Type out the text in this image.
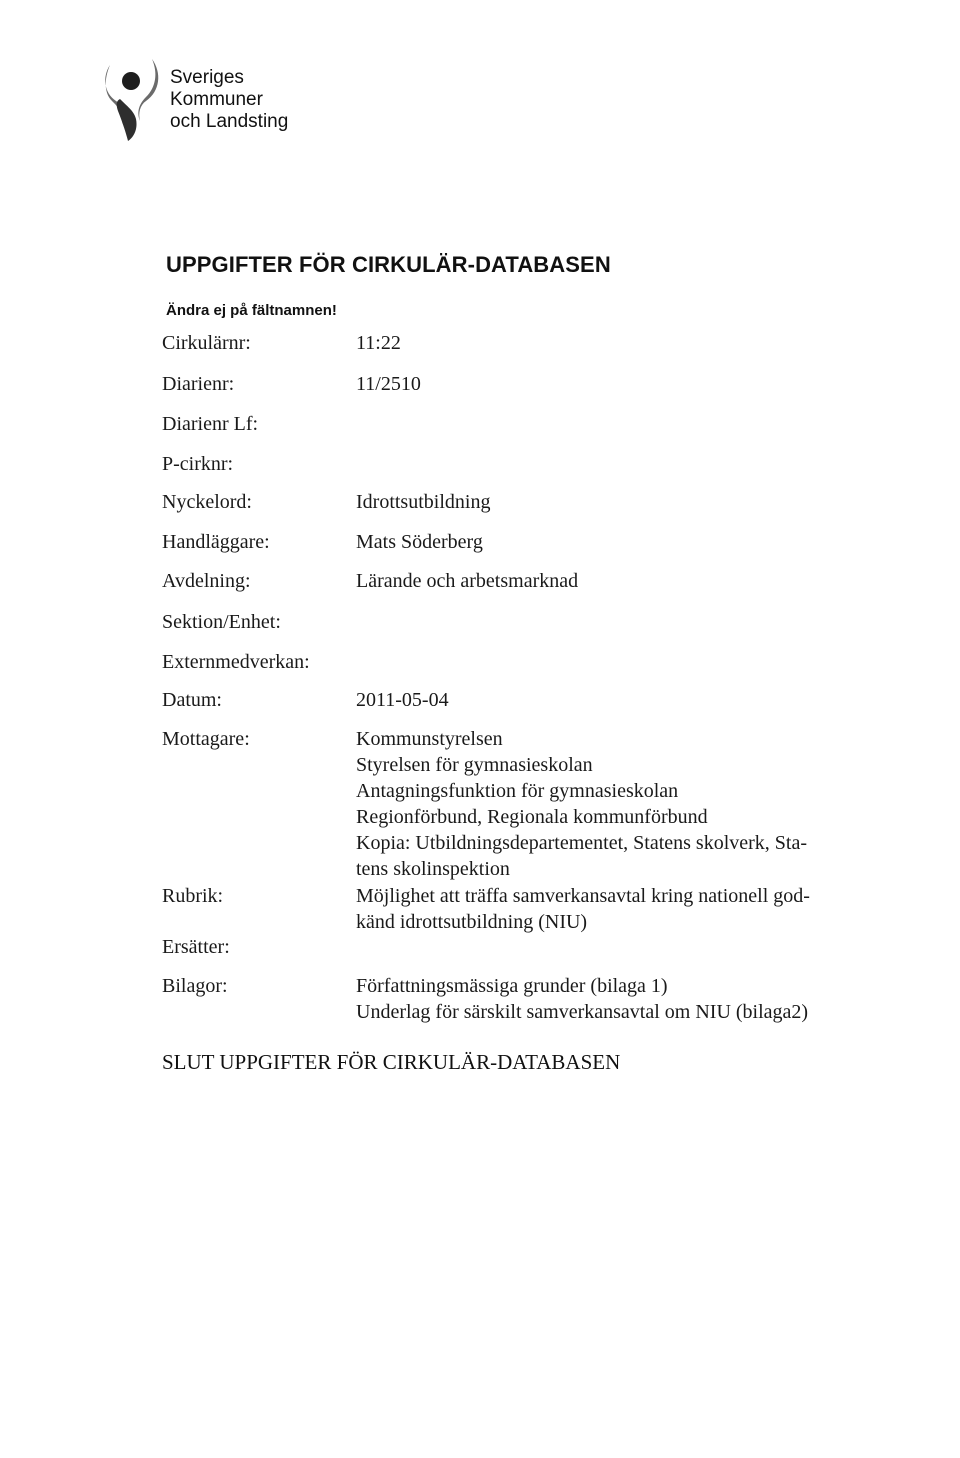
Sveriges
Kommuner
och Landsting
UPPGIFTER FÖR CIRKULÄR-DATABASEN
Ändra ej på fältnamnen!
Cirkulärnr:	11:22
Diarienr:	11/2510
Diarienr Lf:
P-cirknr:
Nyckelord:	Idrottsutbildning
Handläggare:	Mats Söderberg
Avdelning:	Lärande och arbetsmarknad
Sektion/Enhet:
Externmedverkan:
Datum:	2011-05-04
Mottagare:	Kommunstyrelsen
Styrelsen för gymnasieskolan
Antagningsfunktion för gymnasieskolan
Regionförbund, Regionala kommunförbund
Kopia: Utbildningsdepartementet, Statens skolverk, Sta-
tens skolinspektion
Rubrik:	Möjlighet att träffa samverkansavtal kring nationell god-
känd idrottsutbildning (NIU)
Ersätter:
Bilagor:	Författningsmässiga grunder (bilaga 1)
Underlag för särskilt samverkansavtal om NIU (bilaga2)
SLUT UPPGIFTER FÖR CIRKULÄR-DATABASEN
